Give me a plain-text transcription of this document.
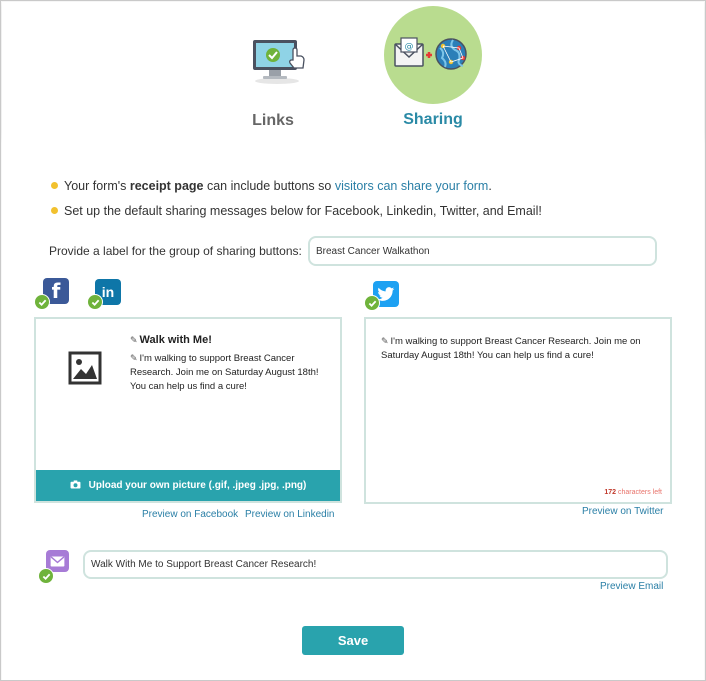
Links
@
Sharing
Your form's receipt page can include buttons so visitors can share your form.
Set up the default sharing messages below for Facebook, Linkedin, Twitter, and Email!
Provide a label for the group of sharing buttons:	Breast Cancer Walkathon
f	in
✎ Walk with Me!
✎ I'm walking to support Breast Cancer Research. Join me on Saturday August 18th! You can help us find a cure!
Upload your own picture (.gif, .jpeg .jpg, .png)
Preview on Facebook Preview on Linkedin
✎ I'm walking to support Breast Cancer Research. Join me on Saturday August 18th! You can help us find a cure!
172 characters left
Preview on Twitter
Walk With Me to Support Breast Cancer Research!
Preview Email
Save
